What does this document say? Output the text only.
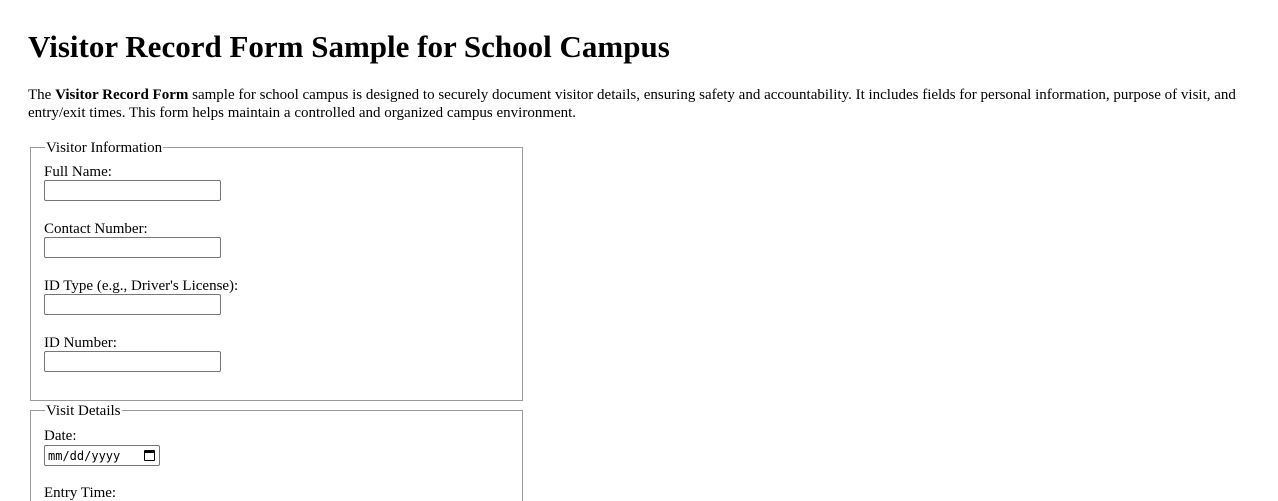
Visitor Record Form Sample for School Campus

The Visitor Record Form sample for school campus is designed to securely document visitor details, ensuring safety and accountability. It includes fields for personal information, purpose of visit, and entry/exit times. This form helps maintain a controlled and organized campus environment.

Visitor Information
Full Name:
Contact Number:
ID Type (e.g., Driver's License):
ID Number:
Visit Details
Date:
mm/dd/yyyy
Entry Time:
